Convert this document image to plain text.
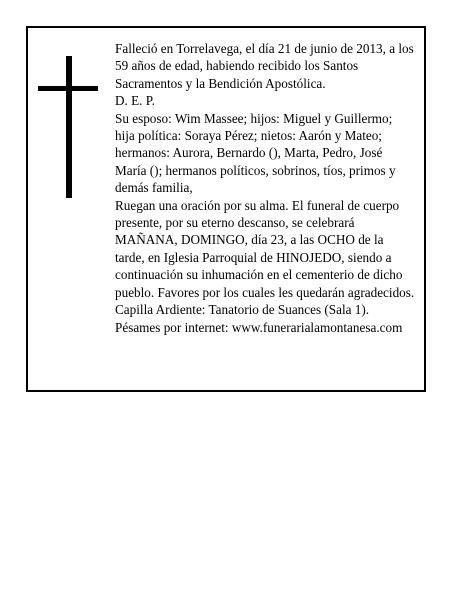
Falleció en Torrelavega, el día 21 de junio de 2013, a los 59 años de edad, habiendo recibido los Santos Sacramentos y la Bendición Apostólica.

D. E. P.

Su esposo: Wim Massee; hijos: Miguel y Guillermo; hija política: Soraya Pérez; nietos: Aarón y Mateo; hermanos: Aurora, Bernardo (), Marta, Pedro, José María (); hermanos políticos, sobrinos, tíos, primos y demás familia,

Ruegan una oración por su alma. El funeral de cuerpo presente, por su eterno descanso, se celebrará MAÑANA, DOMINGO, día 23, a las OCHO de la tarde, en Iglesia Parroquial de HINOJEDO, siendo a continuación su inhumación en el cementerio de dicho pueblo. Favores por los cuales les quedarán agradecidos. Capilla Ardiente: Tanatorio de Suances (Sala 1).

Pésames por internet: www.funerarialamontanesa.com
